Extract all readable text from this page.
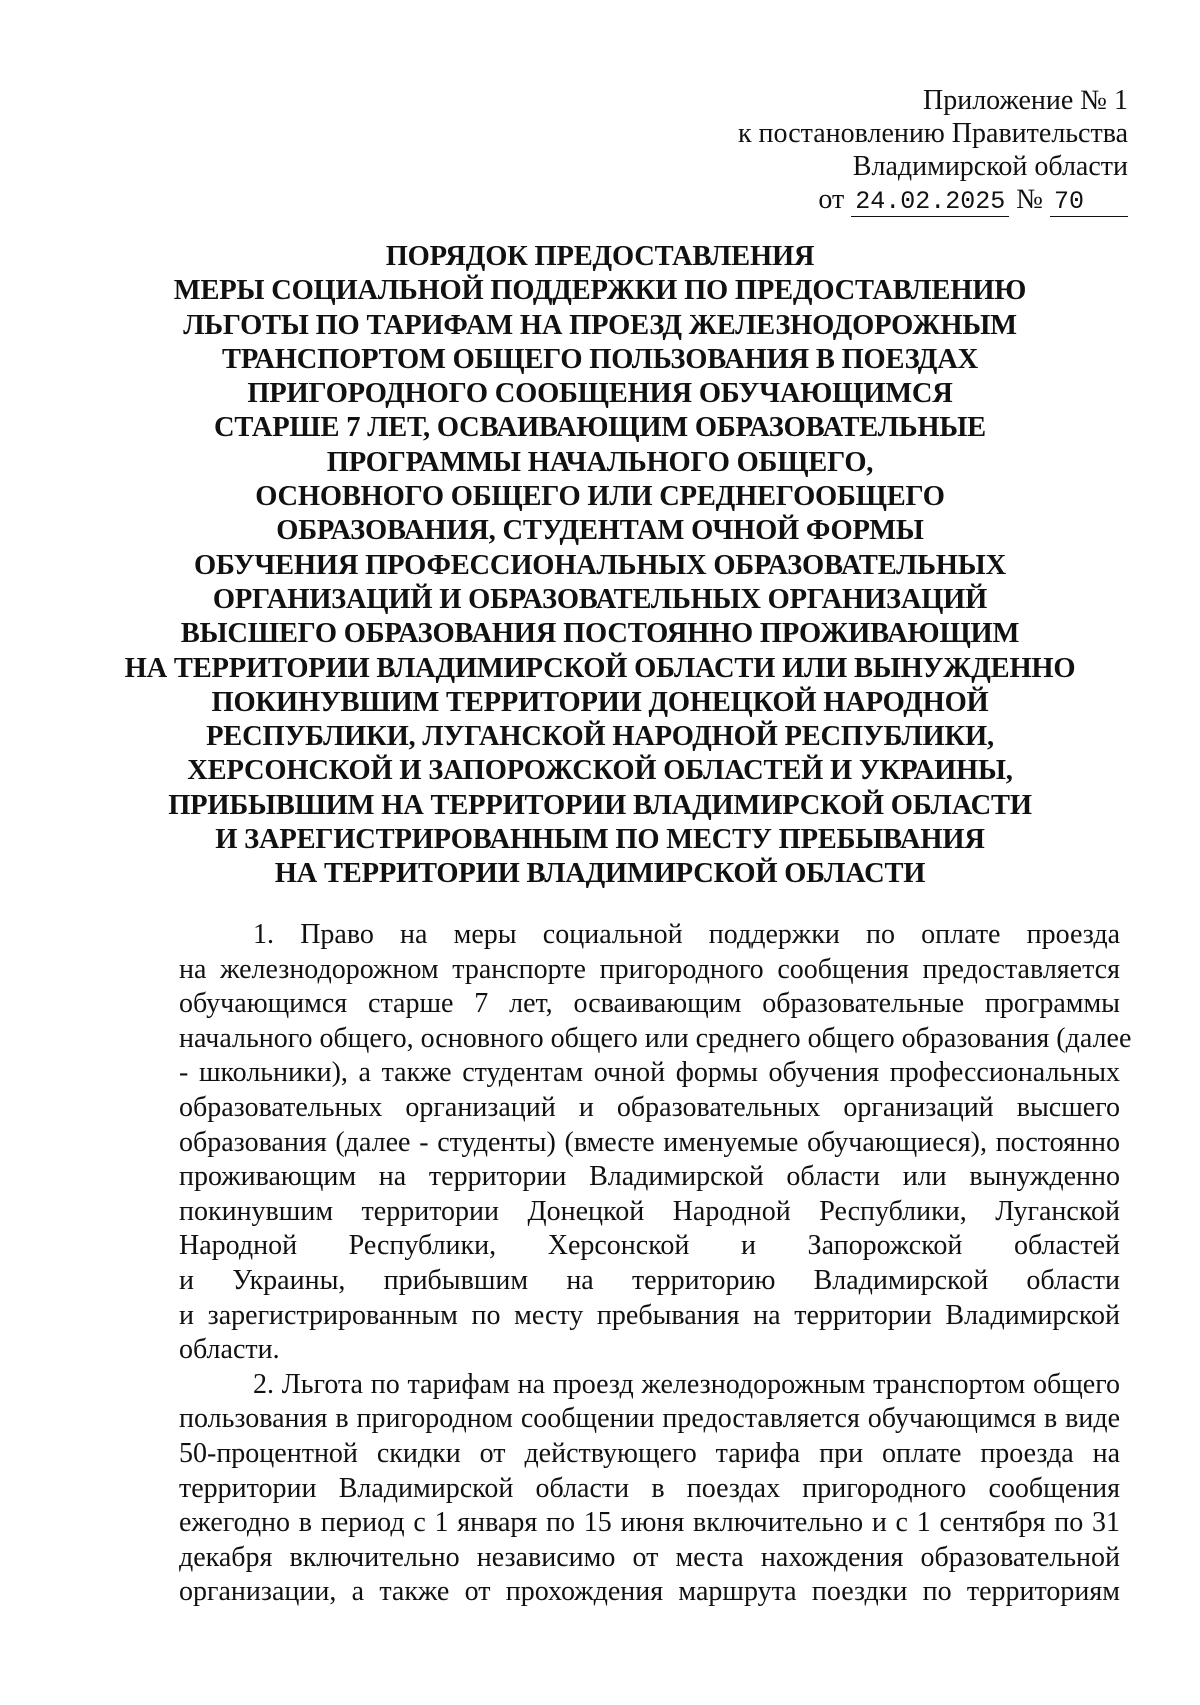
Приложение № 1
к постановлению Правительства
Владимирской области
от 24.02.2025 № 70
ПОРЯДОК ПРЕДОСТАВЛЕНИЯ
МЕРЫ СОЦИАЛЬНОЙ ПОДДЕРЖКИ ПО ПРЕДОСТАВЛЕНИЮ
ЛЬГОТЫ ПО ТАРИФАМ НА ПРОЕЗД ЖЕЛЕЗНОДОРОЖНЫМ
ТРАНСПОРТОМ ОБЩЕГО ПОЛЬЗОВАНИЯ В ПОЕЗДАХ
ПРИГОРОДНОГО СООБЩЕНИЯ ОБУЧАЮЩИМСЯ
СТАРШЕ 7 ЛЕТ, ОСВАИВАЮЩИМ ОБРАЗОВАТЕЛЬНЫЕ
ПРОГРАММЫ НАЧАЛЬНОГО ОБЩЕГО,
ОСНОВНОГО ОБЩЕГО ИЛИ СРЕДНЕГООБЩЕГО
ОБРАЗОВАНИЯ, СТУДЕНТАМ ОЧНОЙ ФОРМЫ
ОБУЧЕНИЯ ПРОФЕССИОНАЛЬНЫХ ОБРАЗОВАТЕЛЬНЫХ
ОРГАНИЗАЦИЙ И ОБРАЗОВАТЕЛЬНЫХ ОРГАНИЗАЦИЙ
ВЫСШЕГО ОБРАЗОВАНИЯ ПОСТОЯННО ПРОЖИВАЮЩИМ
НА ТЕРРИТОРИИ ВЛАДИМИРСКОЙ ОБЛАСТИ ИЛИ ВЫНУЖДЕННО
ПОКИНУВШИМ ТЕРРИТОРИИ ДОНЕЦКОЙ НАРОДНОЙ
РЕСПУБЛИКИ, ЛУГАНСКОЙ НАРОДНОЙ РЕСПУБЛИКИ,
ХЕРСОНСКОЙ И ЗАПОРОЖСКОЙ ОБЛАСТЕЙ И УКРАИНЫ,
ПРИБЫВШИМ НА ТЕРРИТОРИИ ВЛАДИМИРСКОЙ ОБЛАСТИ
И ЗАРЕГИСТРИРОВАННЫМ ПО МЕСТУ ПРЕБЫВАНИЯ
НА ТЕРРИТОРИИ ВЛАДИМИРСКОЙ ОБЛАСТИ

1. Право на меры социальной поддержки по оплате проезда
на железнодорожном транспорте пригородного сообщения предоставляется
обучающимся старше 7 лет, осваивающим образовательные программы
начального общего, основного общего или среднего общего образования (далее
- школьники), а также студентам очной формы обучения профессиональных
образовательных организаций и образовательных организаций высшего
образования (далее - студенты) (вместе именуемые обучающиеся), постоянно
проживающим на территории Владимирской области или вынужденно
покинувшим территории Донецкой Народной Республики, Луганской
Народной Республики, Херсонской и Запорожской областей
и Украины, прибывшим на территорию Владимирской области
и зарегистрированным по месту пребывания на территории Владимирской
области.

2. Льгота по тарифам на проезд железнодорожным транспортом общего
пользования в пригородном сообщении предоставляется обучающимся в виде
50-процентной скидки от действующего тарифа при оплате проезда на
территории Владимирской области в поездах пригородного сообщения
ежегодно в период с 1 января по 15 июня включительно и с 1 сентября по 31
декабря включительно независимо от места нахождения образовательной
организации, а также от прохождения маршрута поездки по территориям
